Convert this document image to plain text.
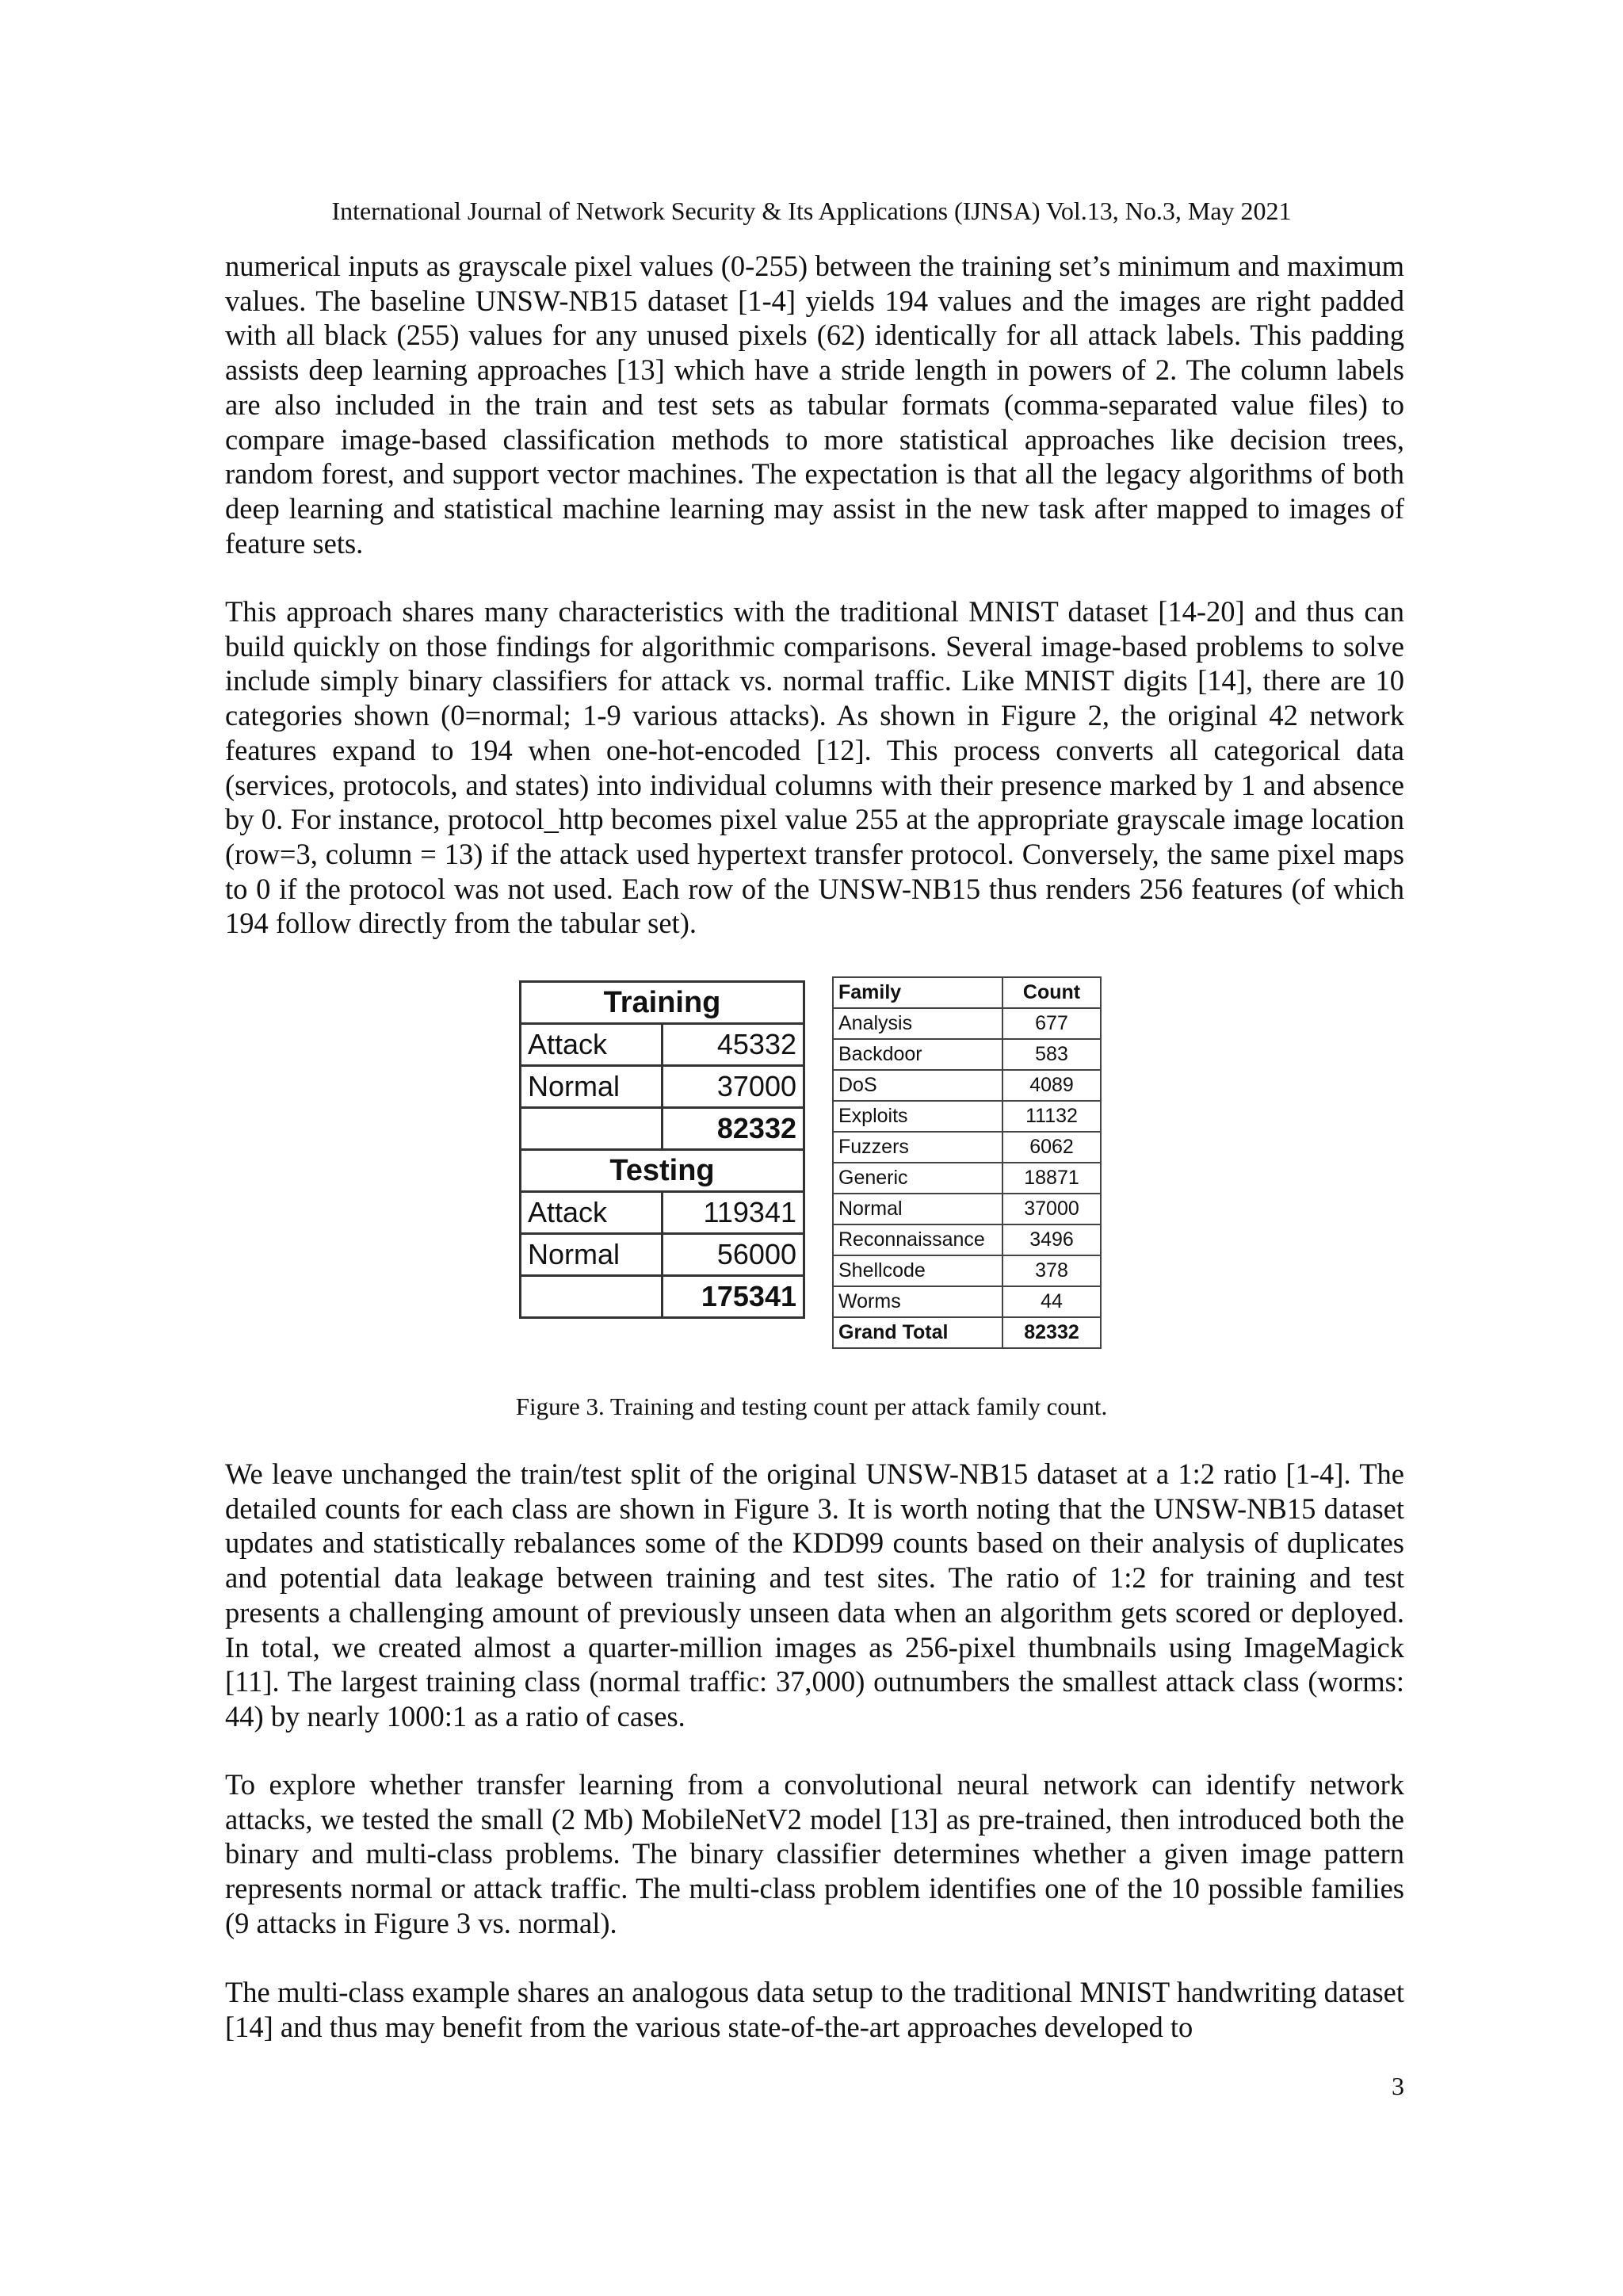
International Journal of Network Security & Its Applications (IJNSA) Vol.13, No.3, May 2021

numerical inputs as grayscale pixel values (0-255) between the training set’s minimum and maximum values. The baseline UNSW-NB15 dataset [1-4] yields 194 values and the images are right padded with all black (255) values for any unused pixels (62) identically for all attack labels. This padding assists deep learning approaches [13] which have a stride length in powers of 2. The column labels are also included in the train and test sets as tabular formats (comma-separated value files) to compare image-based classification methods to more statistical approaches like decision trees, random forest, and support vector machines. The expectation is that all the legacy algorithms of both deep learning and statistical machine learning may assist in the new task after mapped to images of feature sets.

This approach shares many characteristics with the traditional MNIST dataset [14-20] and thus can build quickly on those findings for algorithmic comparisons. Several image-based problems to solve include simply binary classifiers for attack vs. normal traffic. Like MNIST digits [14], there are 10 categories shown (0=normal; 1-9 various attacks). As shown in Figure 2, the original 42 network features expand to 194 when one-hot-encoded [12]. This process converts all categorical data (services, protocols, and states) into individual columns with their presence marked by 1 and absence by 0. For instance, protocol_http becomes pixel value 255 at the appropriate grayscale image location (row=3, column = 13) if the attack used hypertext transfer protocol. Conversely, the same pixel maps to 0 if the protocol was not used. Each row of the UNSW-NB15 thus renders 256 features (of which 194 follow directly from the tabular set).

Training	
Attack	45332
Normal	37000
	82332
Testing	
Attack	119341
Normal	56000
	175341
Family	Count
Analysis	677
Backdoor	583
DoS	4089
Exploits	11132
Fuzzers	6062
Generic	18871
Normal	37000
Reconnaissance	3496
Shellcode	378
Worms	44
Grand Total	82332
Figure 3. Training and testing count per attack family count.

We leave unchanged the train/test split of the original UNSW-NB15 dataset at a 1:2 ratio [1-4]. The detailed counts for each class are shown in Figure 3. It is worth noting that the UNSW-NB15 dataset updates and statistically rebalances some of the KDD99 counts based on their analysis of duplicates and potential data leakage between training and test sites. The ratio of 1:2 for training and test presents a challenging amount of previously unseen data when an algorithm gets scored or deployed. In total, we created almost a quarter-million images as 256-pixel thumbnails using ImageMagick [11]. The largest training class (normal traffic: 37,000) outnumbers the smallest attack class (worms: 44) by nearly 1000:1 as a ratio of cases.

To explore whether transfer learning from a convolutional neural network can identify network attacks, we tested the small (2 Mb) MobileNetV2 model [13] as pre-trained, then introduced both the binary and multi-class problems. The binary classifier determines whether a given image pattern represents normal or attack traffic. The multi-class problem identifies one of the 10 possible families (9 attacks in Figure 3 vs. normal).

The multi-class example shares an analogous data setup to the traditional MNIST handwriting dataset [14] and thus may benefit from the various state-of-the-art approaches developed to

3
